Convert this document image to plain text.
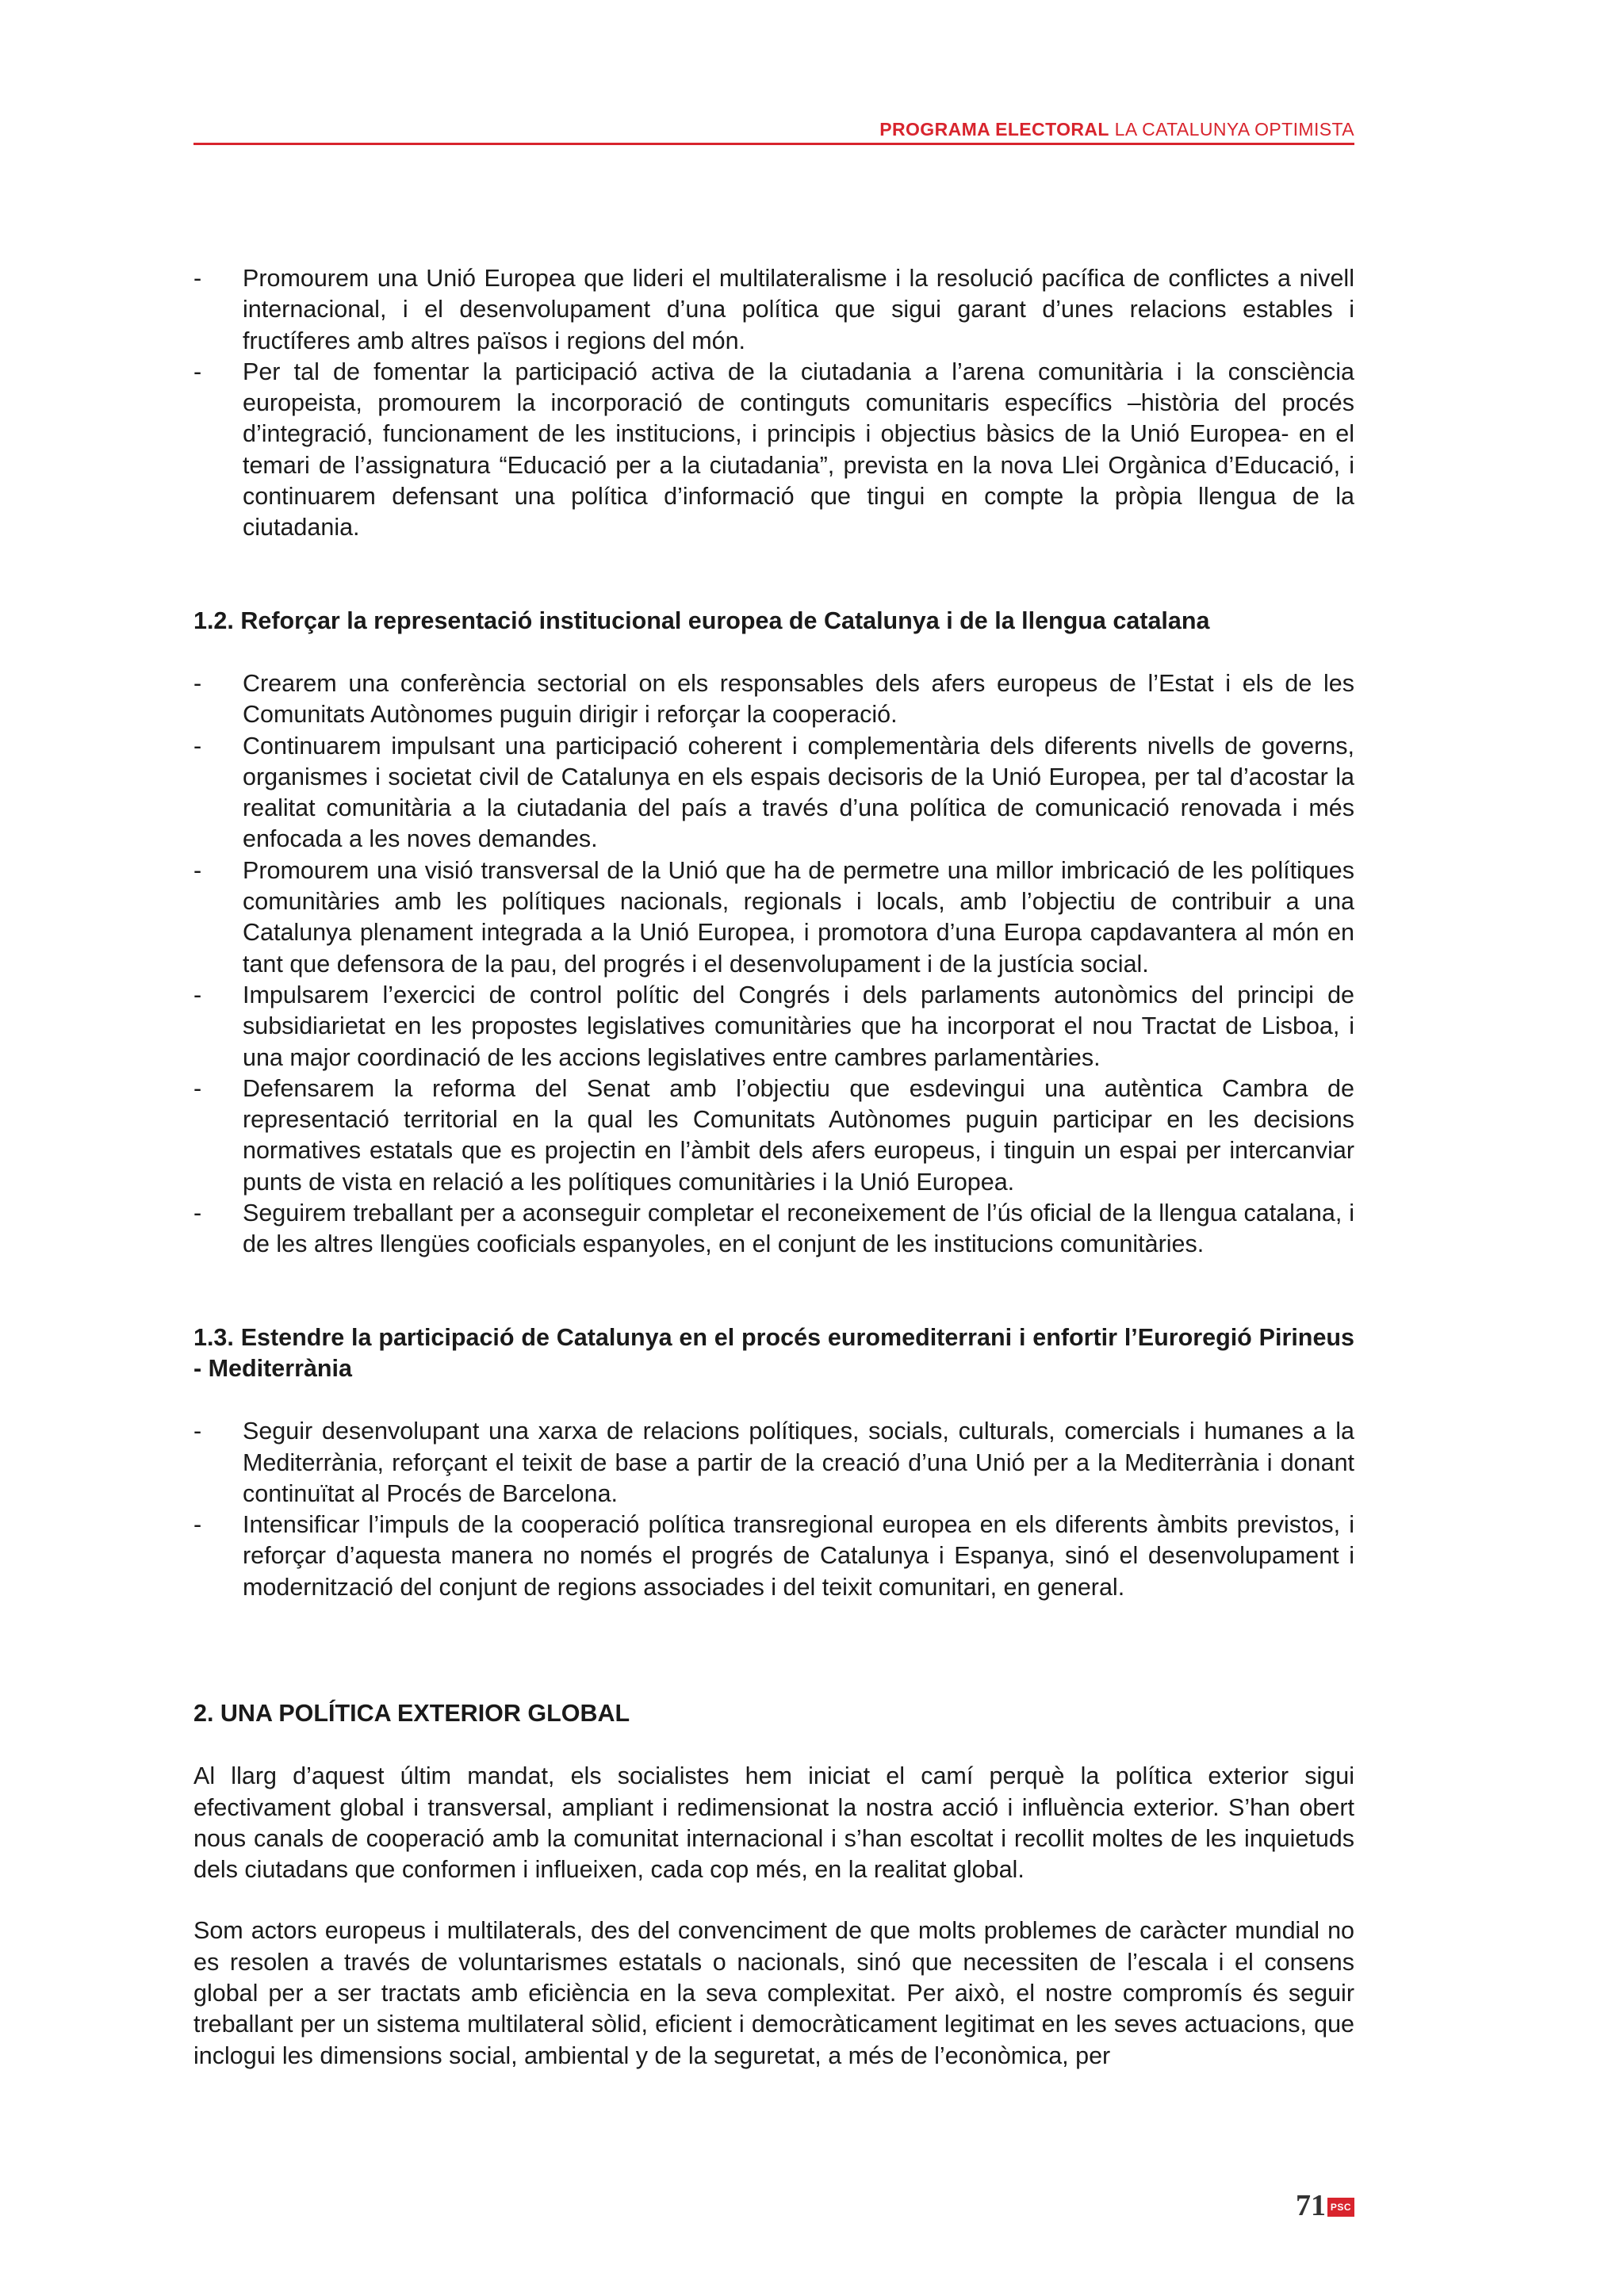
PROGRAMA ELECTORAL LA CATALUNYA OPTIMISTA
- Promourem una Unió Europea que lideri el multilateralisme i la resolució pacífica de conflictes a nivell internacional, i el desenvolupament d’una política que sigui garant d’unes relacions estables i fructíferes amb altres països i regions del món.
- Per tal de fomentar la participació activa de la ciutadania a l’arena comunitària i la consciència europeista, promourem la incorporació de continguts comunitaris específics –història del procés d’integració, funcionament de les institucions, i principis i objectius bàsics de la Unió Europea- en el temari de l’assignatura “Educació per a la ciutadania”, prevista en la nova Llei Orgànica d’Educació, i continuarem defensant una política d’informació que tingui en compte la pròpia llengua de la ciutadania.
1.2. Reforçar la representació institucional europea de Catalunya i de la llengua catalana
- Crearem una conferència sectorial on els responsables dels afers europeus de l’Estat i els de les Comunitats Autònomes puguin dirigir i reforçar la cooperació.
- Continuarem impulsant una participació coherent i complementària dels diferents nivells de governs, organismes i societat civil de Catalunya en els espais decisoris de la Unió Europea, per tal d’acostar la realitat comunitària a la ciutadania del país a través d’una política de comunicació renovada i més enfocada a les noves demandes.
- Promourem una visió transversal de la Unió que ha de permetre una millor imbricació de les polítiques comunitàries amb les polítiques nacionals, regionals i locals, amb l’objectiu de contribuir a una Catalunya plenament integrada a la Unió Europea, i promotora d’una Europa capdavantera al món en tant que defensora de la pau, del progrés i el desenvolupament i de la justícia social.
- Impulsarem l’exercici de control polític del Congrés i dels parlaments autonòmics del principi de subsidiarietat en les propostes legislatives comunitàries que ha incorporat el nou Tractat de Lisboa, i una major coordinació de les accions legislatives entre cambres parlamentàries.
- Defensarem la reforma del Senat amb l’objectiu que esdevingui una autèntica Cambra de representació territorial en la qual les Comunitats Autònomes puguin participar en les decisions normatives estatals que es projectin en l’àmbit dels afers europeus, i tinguin un espai per intercanviar punts de vista en relació a les polítiques comunitàries i la Unió Europea.
- Seguirem treballant per a aconseguir completar el reconeixement de l’ús oficial de la llengua catalana, i de les altres llengües cooficials espanyoles, en el conjunt de les institucions comunitàries.
1.3. Estendre la participació de Catalunya en el procés euromediterrani i enfortir l’Euroregió Pirineus - Mediterrània
- Seguir desenvolupant una xarxa de relacions polítiques, socials, culturals, comercials i humanes a la Mediterrània, reforçant el teixit de base a partir de la creació d’una Unió per a la Mediterrània i donant continuïtat al Procés de Barcelona.
- Intensificar l’impuls de la cooperació política transregional europea en els diferents àmbits previstos, i reforçar d’aquesta manera no només el progrés de Catalunya i Espanya, sinó el desenvolupament i modernització del conjunt de regions associades i del teixit comunitari, en general.
2. UNA POLÍTICA EXTERIOR GLOBAL

Al llarg d’aquest últim mandat, els socialistes hem iniciat el camí perquè la política exterior sigui efectivament global i transversal, ampliant i redimensionat la nostra acció i influència exterior. S’han obert nous canals de cooperació amb la comunitat internacional i s’han escoltat i recollit moltes de les inquietuds dels ciutadans que conformen i influeixen, cada cop més, en la realitat global.

Som actors europeus i multilaterals, des del convenciment de que molts problemes de caràcter mundial no es resolen a través de voluntarismes estatals o nacionals, sinó que necessiten de l’escala i el consens global per a ser tractats amb eficiència en la seva complexitat. Per això, el nostre compromís és seguir treballant per un sistema multilateral sòlid, eficient i democràticament legitimat en les seves actuacions, que inclogui les dimensions social, ambiental y de la seguretat, a més de l’econòmica, per

71 PSC
